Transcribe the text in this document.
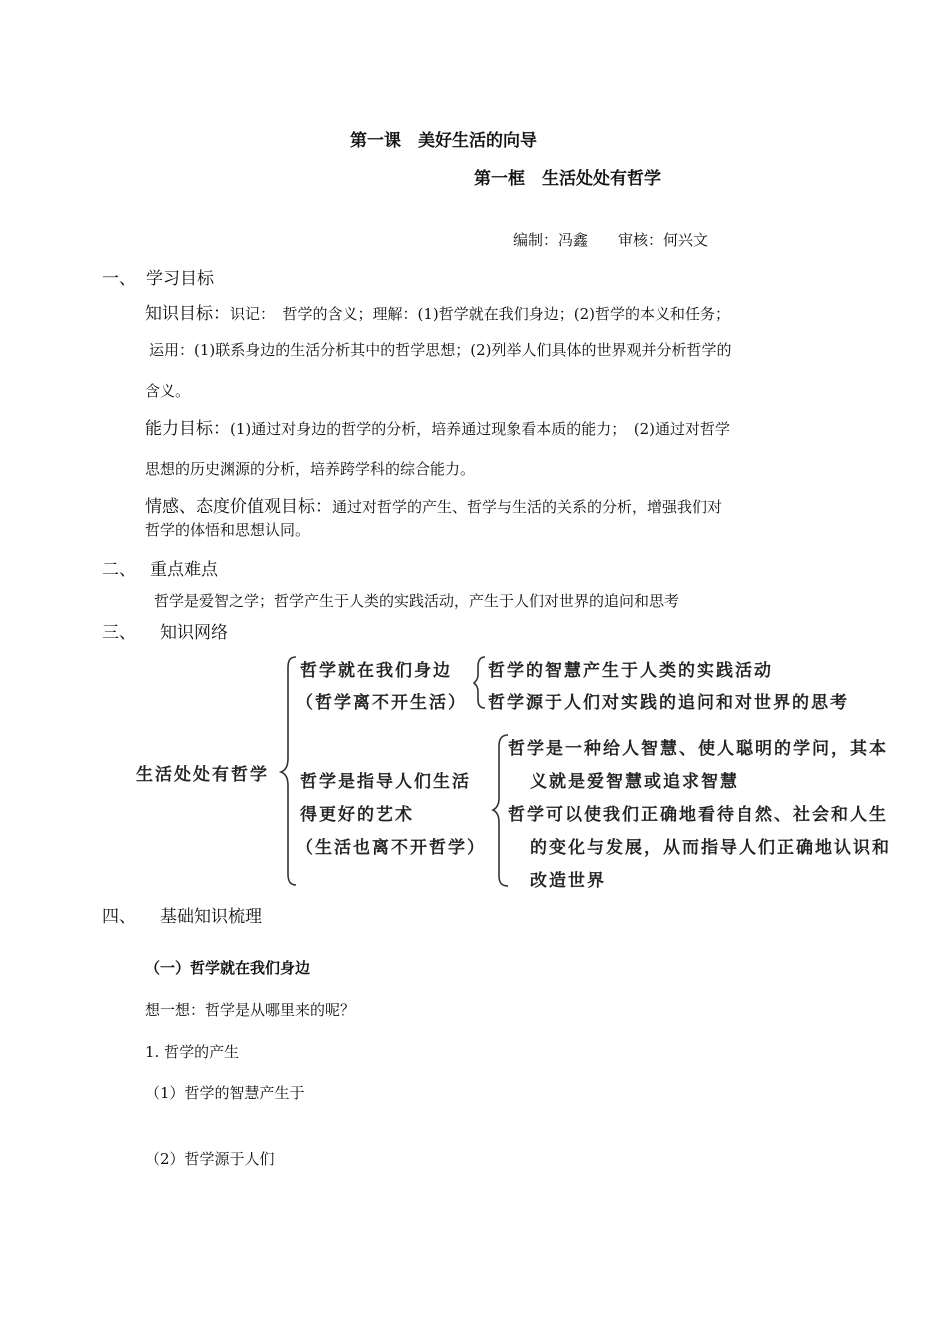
第一课　美好生活的向导
第一框　生活处处有哲学
编制：冯鑫　　审核：何兴文
一、 学习目标
知识目标：识记：　哲学的含义；理解：(1)哲学就在我们身边；(2)哲学的本义和任务；
运用：(1)联系身边的生活分析其中的哲学思想；(2)列举人们具体的世界观并分析哲学的
含义。
能力目标：(1)通过对身边的哲学的分析，培养通过现象看本质的能力；　(2)通过对哲学
思想的历史渊源的分析，培养跨学科的综合能力。
情感、态度价值观目标：通过对哲学的产生、哲学与生活的关系的分析，增强我们对
哲学的体悟和思想认同。
二、 重点难点
哲学是爱智之学；哲学产生于人类的实践活动，产生于人们对世界的追问和思考
三、 知识网络
生活处处有哲学
哲学就在我们身边
（哲学离不开生活）
哲学的智慧产生于人类的实践活动
哲学源于人们对实践的追问和对世界的思考
哲学是指导人们生活
得更好的艺术
（生活也离不开哲学）
哲学是一种给人智慧、使人聪明的学问，其本
义就是爱智慧或追求智慧
哲学可以使我们正确地看待自然、社会和人生
的变化与发展，从而指导人们正确地认识和
改造世界
四、 基础知识梳理
（一）哲学就在我们身边
想一想：哲学是从哪里来的呢？
1. 哲学的产生
（1）哲学的智慧产生于
（2）哲学源于人们
